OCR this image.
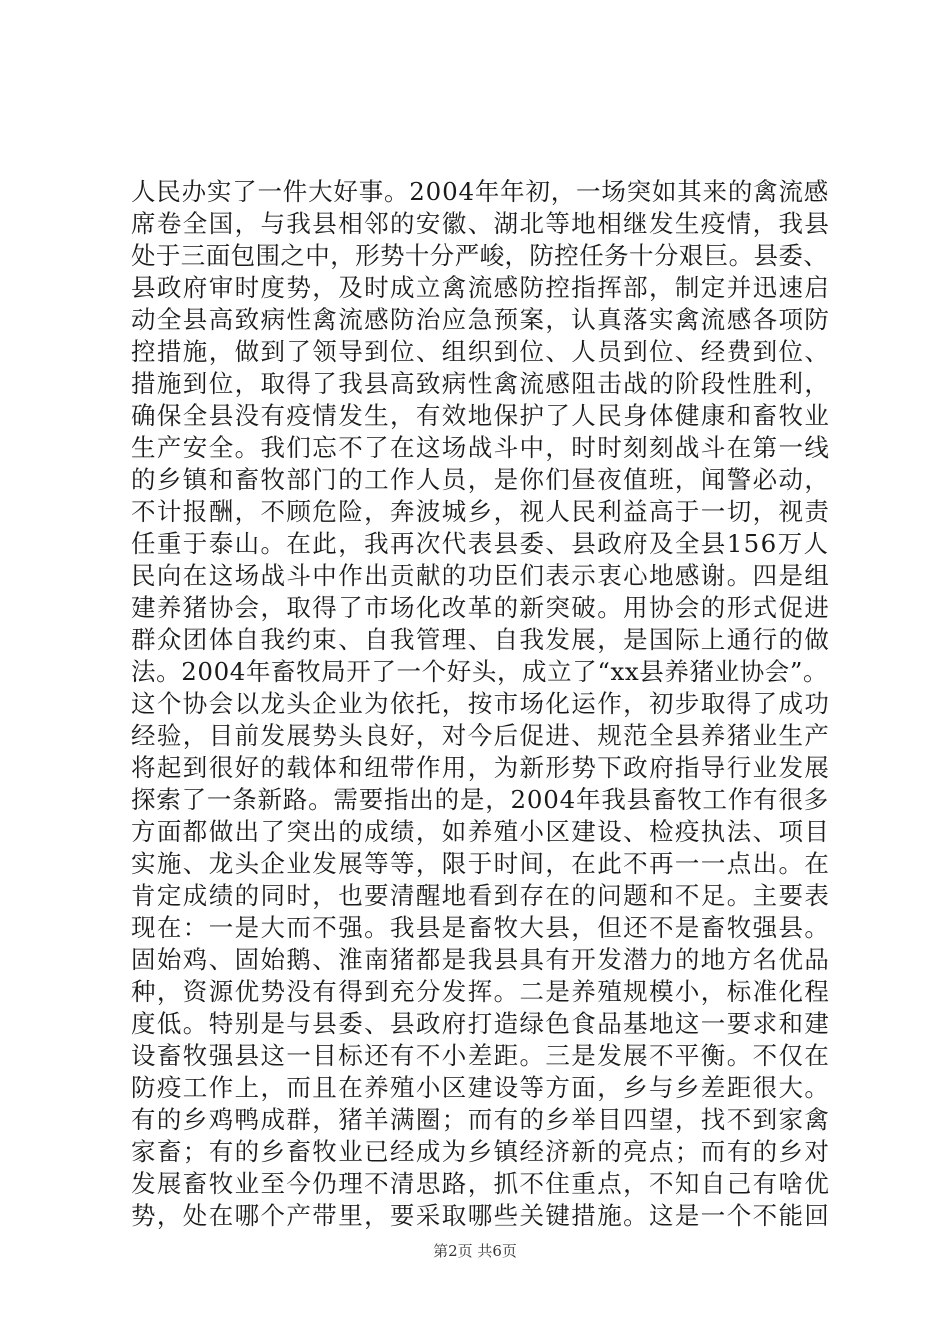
人民办实了一件大好事。2004年年初，一场突如其来的禽流感
席卷全国，与我县相邻的安徽、湖北等地相继发生疫情，我县
处于三面包围之中，形势十分严峻，防控任务十分艰巨。县委、
县政府审时度势，及时成立禽流感防控指挥部，制定并迅速启
动全县高致病性禽流感防治应急预案，认真落实禽流感各项防
控措施，做到了领导到位、组织到位、人员到位、经费到位、
措施到位，取得了我县高致病性禽流感阻击战的阶段性胜利，
确保全县没有疫情发生，有效地保护了人民身体健康和畜牧业
生产安全。我们忘不了在这场战斗中，时时刻刻战斗在第一线
的乡镇和畜牧部门的工作人员，是你们昼夜值班，闻警必动，
不计报酬，不顾危险，奔波城乡，视人民利益高于一切，视责
任重于泰山。在此，我再次代表县委、县政府及全县156万人
民向在这场战斗中作出贡献的功臣们表示衷心地感谢。四是组
建养猪协会，取得了市场化改革的新突破。用协会的形式促进
群众团体自我约束、自我管理、自我发展，是国际上通行的做
法。2004年畜牧局开了一个好头，成立了“xx县养猪业协会”。
这个协会以龙头企业为依托，按市场化运作，初步取得了成功
经验，目前发展势头良好，对今后促进、规范全县养猪业生产
将起到很好的载体和纽带作用，为新形势下政府指导行业发展
探索了一条新路。需要指出的是，2004年我县畜牧工作有很多
方面都做出了突出的成绩，如养殖小区建设、检疫执法、项目
实施、龙头企业发展等等，限于时间，在此不再一一点出。在
肯定成绩的同时，也要清醒地看到存在的问题和不足。主要表
现在：一是大而不强。我县是畜牧大县，但还不是畜牧强县。
固始鸡、固始鹅、淮南猪都是我县具有开发潜力的地方名优品
种，资源优势没有得到充分发挥。二是养殖规模小，标准化程
度低。特别是与县委、县政府打造绿色食品基地这一要求和建
设畜牧强县这一目标还有不小差距。三是发展不平衡。不仅在
防疫工作上，而且在养殖小区建设等方面，乡与乡差距很大。
有的乡鸡鸭成群，猪羊满圈；而有的乡举目四望，找不到家禽
家畜；有的乡畜牧业已经成为乡镇经济新的亮点；而有的乡对
发展畜牧业至今仍理不清思路，抓不住重点，不知自己有啥优
势，处在哪个产带里，要采取哪些关键措施。这是一个不能回
第2页 共6页
